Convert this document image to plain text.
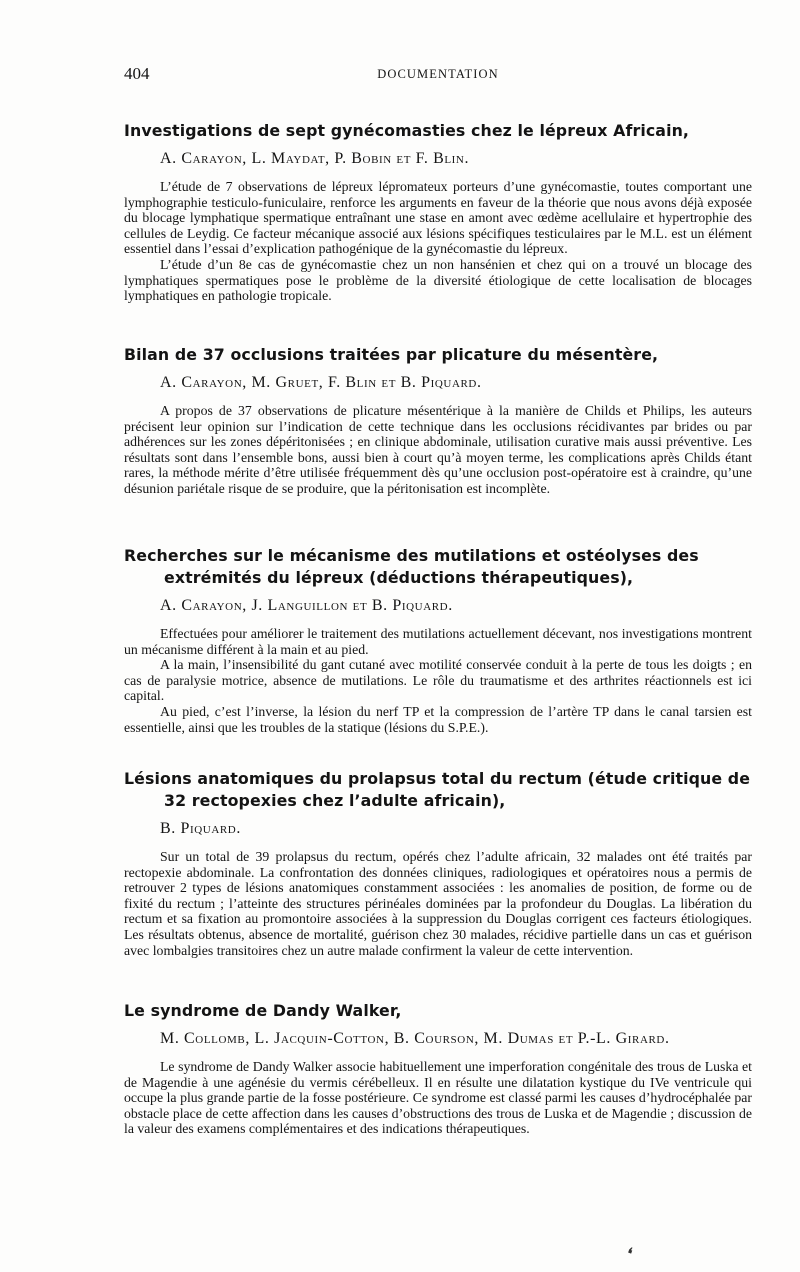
404	DOCUMENTATION
Investigations de sept gynécomasties chez le lépreux Africain,
A. Carayon, L. Maydat, P. Bobin et F. Blin.

L’étude de 7 observations de lépreux lépromateux porteurs d’une gynécomastie, toutes comportant une lymphographie testiculo-funiculaire, renforce les arguments en faveur de la théorie que nous avons déjà exposée du blocage lymphatique spermatique entraînant une stase en amont avec œdème acellulaire et hypertrophie des cellules de Leydig. Ce facteur mécanique associé aux lésions spécifiques testiculaires par le M.L. est un élément essentiel dans l’essai d’explication pathogénique de la gynécomastie du lépreux.

L’étude d’un 8e cas de gynécomastie chez un non hansénien et chez qui on a trouvé un blocage des lymphatiques spermatiques pose le problème de la diversité étiologique de cette localisation de blocages lymphatiques en pathologie tropicale.

Bilan de 37 occlusions traitées par plicature du mésentère,
A. Carayon, M. Gruet, F. Blin et B. Piquard.

A propos de 37 observations de plicature mésentérique à la manière de Childs et Philips, les auteurs précisent leur opinion sur l’indication de cette technique dans les occlusions récidivantes par brides ou par adhérences sur les zones dépéritonisées ; en clinique abdominale, utilisation curative mais aussi préventive. Les résultats sont dans l’ensemble bons, aussi bien à court qu’à moyen terme, les complications après Childs étant rares, la méthode mérite d’être utilisée fréquemment dès qu’une occlusion post-opératoire est à craindre, qu’une désunion pariétale risque de se produire, que la péritonisation est incomplète.

Recherches sur le mécanisme des mutilations et ostéolyses des extrémités du lépreux (déductions thérapeutiques),
A. Carayon, J. Languillon et B. Piquard.

Effectuées pour améliorer le traitement des mutilations actuellement décevant, nos investigations montrent un mécanisme différent à la main et au pied.

A la main, l’insensibilité du gant cutané avec motilité conservée conduit à la perte de tous les doigts ; en cas de paralysie motrice, absence de mutilations. Le rôle du traumatisme et des arthrites réactionnels est ici capital.

Au pied, c’est l’inverse, la lésion du nerf TP et la compression de l’artère TP dans le canal tarsien est essentielle, ainsi que les troubles de la statique (lésions du S.P.E.).

Lésions anatomiques du prolapsus total du rectum (étude critique de 32 rectopexies chez l’adulte africain),
B. Piquard.

Sur un total de 39 prolapsus du rectum, opérés chez l’adulte africain, 32 malades ont été traités par rectopexie abdominale. La confrontation des données cliniques, radiologiques et opératoires nous a permis de retrouver 2 types de lésions anatomiques constamment associées : les anomalies de position, de forme ou de fixité du rectum ; l’atteinte des structures périnéales dominées par la profondeur du Douglas. La libération du rectum et sa fixation au promontoire associées à la suppression du Douglas corrigent ces facteurs étiologiques. Les résultats obtenus, absence de mortalité, guérison chez 30 malades, récidive partielle dans un cas et guérison avec lombalgies transitoires chez un autre malade confirment la valeur de cette intervention.

Le syndrome de Dandy Walker,
M. Collomb, L. Jacquin-Cotton, B. Courson, M. Dumas et P.-L. Girard.

Le syndrome de Dandy Walker associe habituellement une imperforation congénitale des trous de Luska et de Magendie à une agénésie du vermis cérébelleux. Il en résulte une dilatation kystique du IVe ventricule qui occupe la plus grande partie de la fosse postérieure. Ce syndrome est classé parmi les causes d’hydrocéphalée par obstacle place de cette affection dans les causes d’obstructions des trous de Luska et de Magendie ; discussion de la valeur des examens complémentaires et des indications thérapeutiques.

❛
